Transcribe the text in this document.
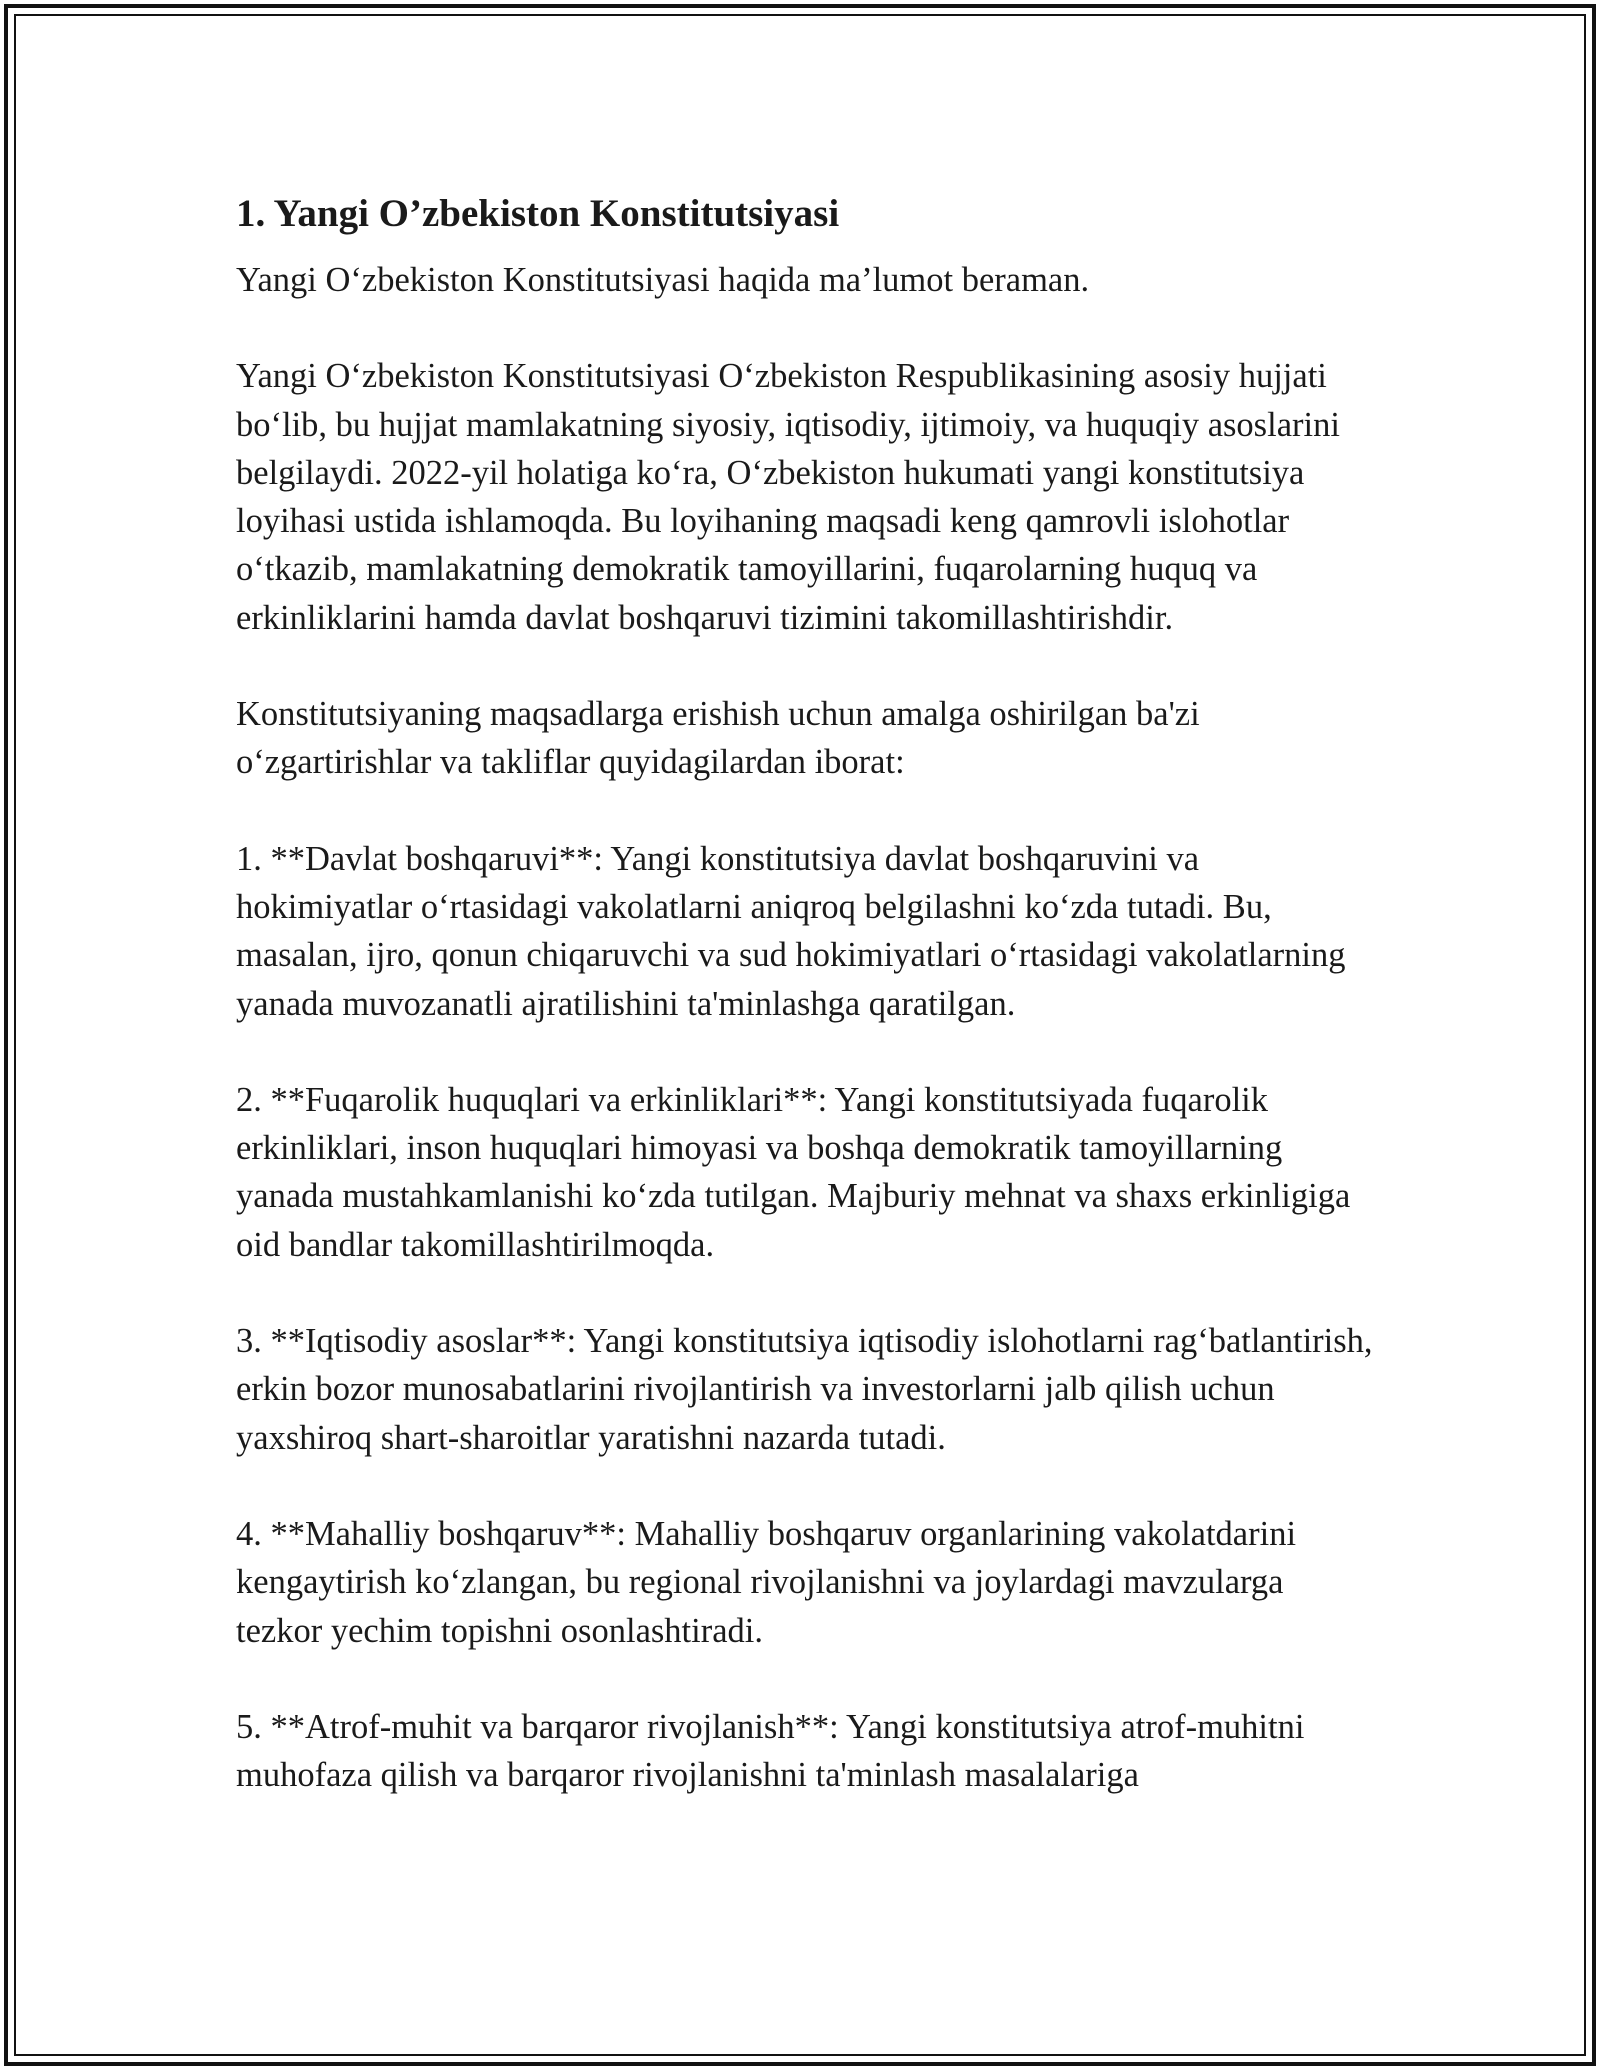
1. Yangi O’zbekiston Konstitutsiyasi

Yangi O‘zbekiston Konstitutsiyasi haqida ma’lumot beraman.

Yangi O‘zbekiston Konstitutsiyasi O‘zbekiston Respublikasining asosiy hujjati bo‘lib, bu hujjat mamlakatning siyosiy, iqtisodiy, ijtimoiy, va huquqiy asoslarini belgilaydi. 2022-yil holatiga ko‘ra, O‘zbekiston hukumati yangi konstitutsiya loyihasi ustida ishlamoqda. Bu loyihaning maqsadi keng qamrovli islohotlar o‘tkazib, mamlakatning demokratik tamoyillarini, fuqarolarning huquq va erkinliklarini hamda davlat boshqaruvi tizimini takomillashtirishdir.

Konstitutsiyaning maqsadlarga erishish uchun amalga oshirilgan ba'zi o‘zgartirishlar va takliflar quyidagilardan iborat:

1. **Davlat boshqaruvi**: Yangi konstitutsiya davlat boshqaruvini va hokimiyatlar o‘rtasidagi vakolatlarni aniqroq belgilashni ko‘zda tutadi. Bu, masalan, ijro, qonun chiqaruvchi va sud hokimiyatlari o‘rtasidagi vakolatlarning yanada muvozanatli ajratilishini ta'minlashga qaratilgan.

2. **Fuqarolik huquqlari va erkinliklari**: Yangi konstitutsiyada fuqarolik erkinliklari, inson huquqlari himoyasi va boshqa demokratik tamoyillarning yanada mustahkamlanishi ko‘zda tutilgan. Majburiy mehnat va shaxs erkinligiga oid bandlar takomillashtirilmoqda.

3. **Iqtisodiy asoslar**: Yangi konstitutsiya iqtisodiy islohotlarni rag‘batlantirish, erkin bozor munosabatlarini rivojlantirish va investorlarni jalb qilish uchun yaxshiroq shart-sharoitlar yaratishni nazarda tutadi.

4. **Mahalliy boshqaruv**: Mahalliy boshqaruv organlarining vakolatdarini kengaytirish ko‘zlangan, bu regional rivojlanishni va joylardagi mavzularga tezkor yechim topishni osonlashtiradi.

5. **Atrof-muhit va barqaror rivojlanish**: Yangi konstitutsiya atrof-muhitni muhofaza qilish va barqaror rivojlanishni ta'minlash masalalariga
